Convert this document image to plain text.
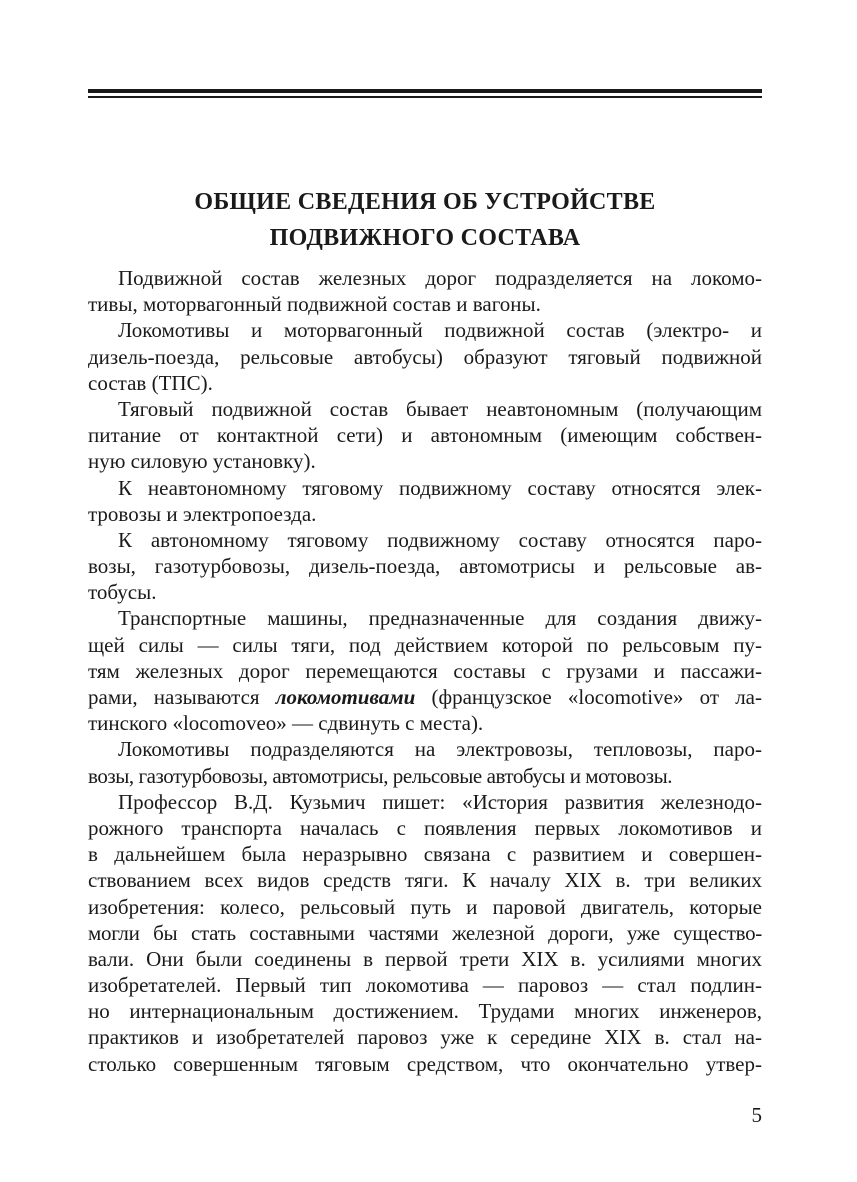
ОБЩИЕ СВЕДЕНИЯ ОБ УСТРОЙСТВЕ
ПОДВИЖНОГО СОСТАВА

Подвижной состав железных дорог подразделяется на локомо-
тивы, моторвагонный подвижной состав и вагоны.

Локомотивы и моторвагонный подвижной состав (электро- и
дизель-поезда, рельсовые автобусы) образуют тяговый подвижной
состав (ТПС).

Тяговый подвижной состав бывает неавтономным (получающим
питание от контактной сети) и автономным (имеющим собствен-
ную силовую установку).

К неавтономному тяговому подвижному составу относятся элек-
тровозы и электропоезда.

К автономному тяговому подвижному составу относятся паро-
возы, газотурбовозы, дизель-поезда, автомотрисы и рельсовые ав-
тобусы.

Транспортные машины, предназначенные для создания движу-
щей силы — силы тяги, под действием которой по рельсовым пу-
тям железных дорог перемещаются составы с грузами и пассажи-
рами, называются локомотивами (французское «locomotive» от ла-
тинского «locomoveo» — сдвинуть с места).

Локомотивы подразделяются на электровозы, тепловозы, паро-
возы, газотурбовозы, автомотрисы, рельсовые автобусы и мотовозы.

Профессор В.Д. Кузьмич пишет: «История развития железнодо-
рожного транспорта началась с появления первых локомотивов и
в дальнейшем была неразрывно связана с развитием и совершен-
ствованием всех видов средств тяги. К началу XIX в. три великих
изобретения: колесо, рельсовый путь и паровой двигатель, которые
могли бы стать составными частями железной дороги, уже существо-
вали. Они были соединены в первой трети XIX в. усилиями многих
изобретателей. Первый тип локомотива — паровоз — стал подлин-
но интернациональным достижением. Трудами многих инженеров,
практиков и изобретателей паровоз уже к середине XIX в. стал на-
столько совершенным тяговым средством, что окончательно утвер-

5
